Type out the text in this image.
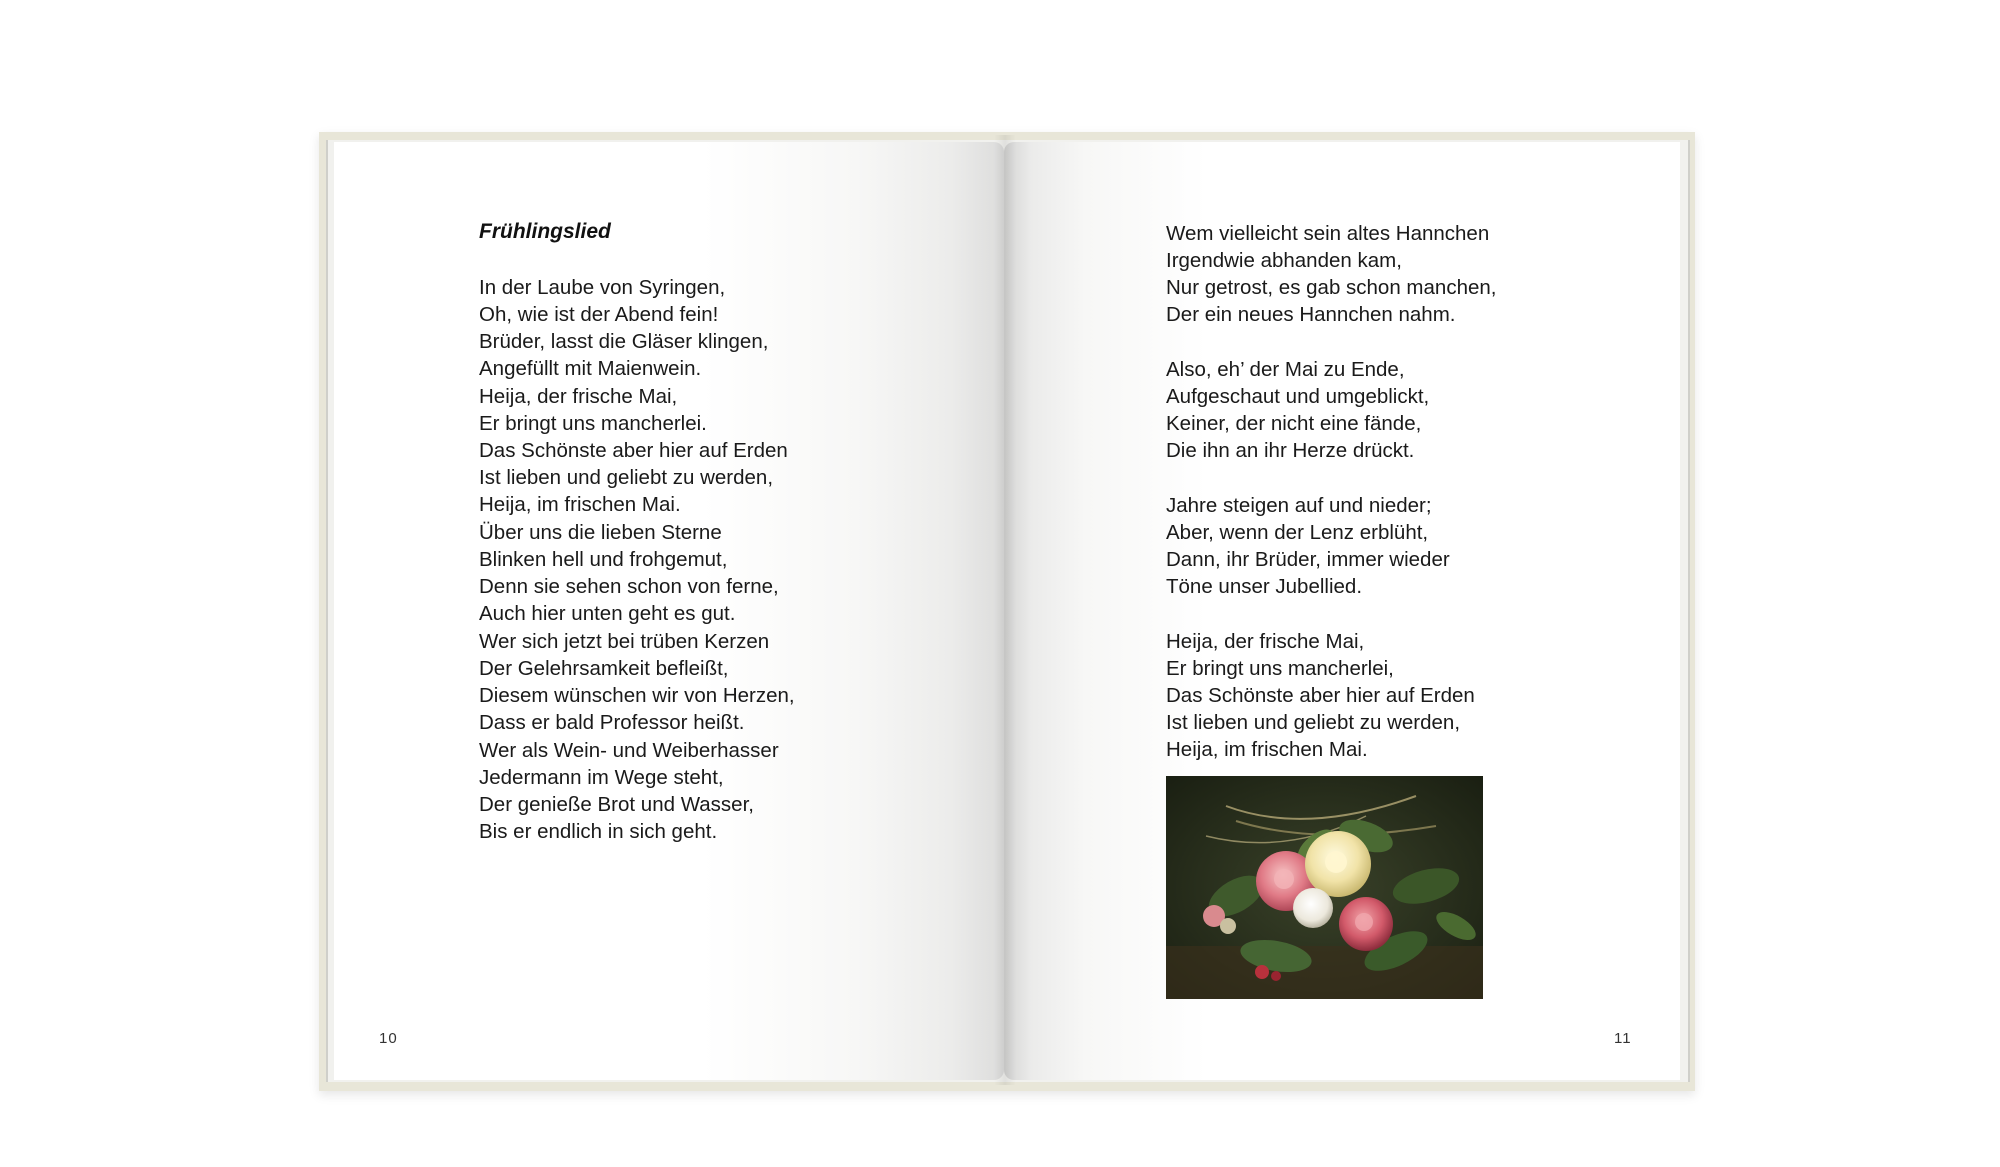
Frühlingslied

In der Laube von Syringen,
Oh, wie ist der Abend fein!
Brüder, lasst die Gläser klingen,
Angefüllt mit Maienwein.

Heija, der frische Mai,
Er bringt uns mancherlei.
Das Schönste aber hier auf Erden
Ist lieben und geliebt zu werden,
Heija, im frischen Mai.

Über uns die lieben Sterne
Blinken hell und frohgemut,
Denn sie sehen schon von ferne,
Auch hier unten geht es gut.

Wer sich jetzt bei trüben Kerzen
Der Gelehrsamkeit befleißt,
Diesem wünschen wir von Herzen,
Dass er bald Professor heißt.

Wer als Wein- und Weiberhasser
Jedermann im Wege steht,
Der genieße Brot und Wasser,
Bis er endlich in sich geht.

10

Wem vielleicht sein altes Hannchen
Irgendwie abhanden kam,
Nur getrost, es gab schon manchen,
Der ein neues Hannchen nahm.

Also, eh’ der Mai zu Ende,
Aufgeschaut und umgeblickt,
Keiner, der nicht eine fände,
Die ihn an ihr Herze drückt.

Jahre steigen auf und nieder;
Aber, wenn der Lenz erblüht,
Dann, ihr Brüder, immer wieder
Töne unser Jubellied.

Heija, der frische Mai,
Er bringt uns mancherlei,
Das Schönste aber hier auf Erden
Ist lieben und geliebt zu werden,
Heija, im frischen Mai.

11
